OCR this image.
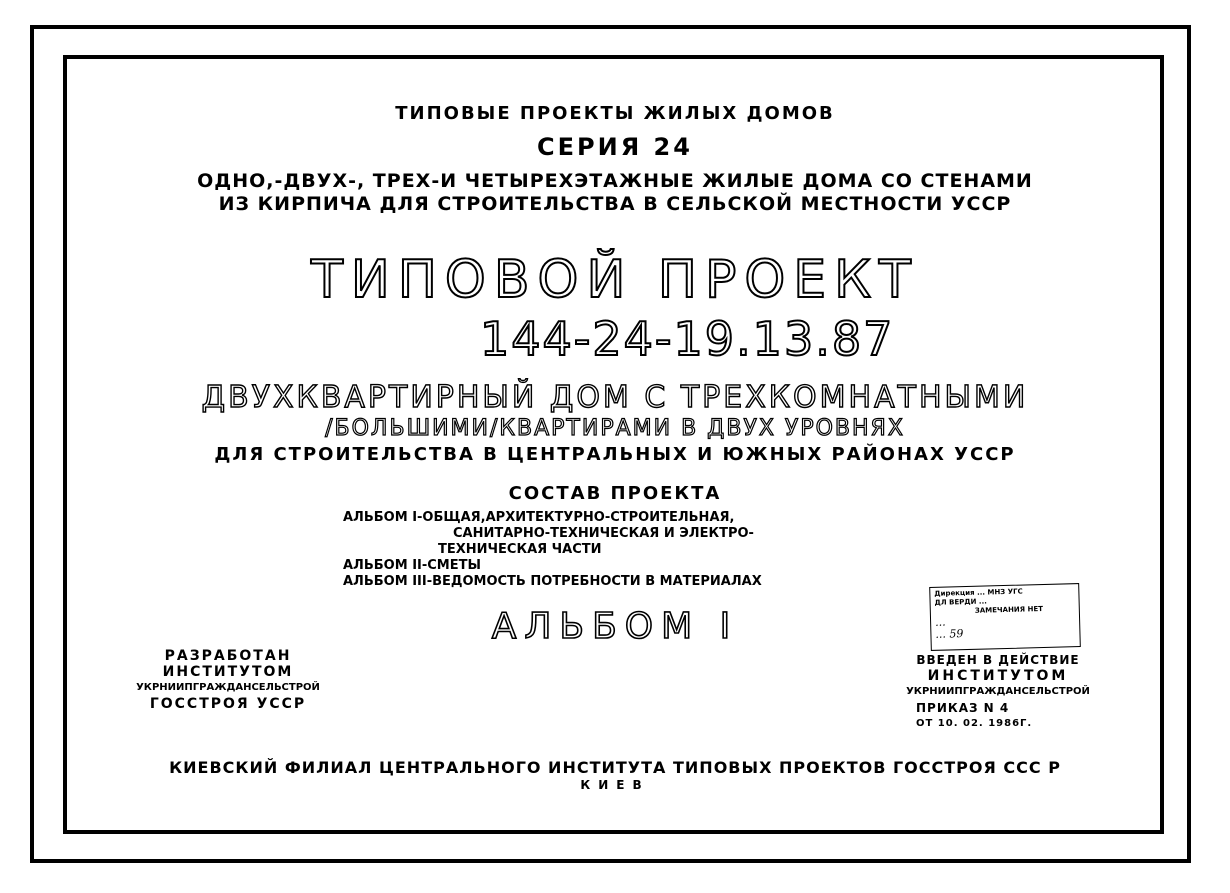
ТИПОВЫЕ ПРОЕКТЫ ЖИЛЫХ ДОМОВ
СЕРИЯ 24
ОДНО,-ДВУХ-, ТРЕХ-И ЧЕТЫРЕХЭТАЖНЫЕ ЖИЛЫЕ ДОМА СО СТЕНАМИ
ИЗ КИРПИЧА ДЛЯ СТРОИТЕЛЬСТВА В СЕЛЬСКОЙ МЕСТНОСТИ УССР
ТИПОВОЙ ПРОЕКТ
144-24-19.13.87
ДВУХКВАРТИРНЫЙ ДОМ С ТРЕХКОМНАТНЫМИ
/БОЛЬШИМИ/КВАРТИРАМИ В ДВУХ УРОВНЯХ
ДЛЯ СТРОИТЕЛЬСТВА В ЦЕНТРАЛЬНЫХ И ЮЖНЫХ РАЙОНАХ УССР
СОСТАВ ПРОЕКТА
АЛЬБОМ I-ОБЩАЯ,АРХИТЕКТУРНО-СТРОИТЕЛЬНАЯ,
САНИТАРНО-ТЕХНИЧЕСКАЯ И ЭЛЕКТРО-
ТЕХНИЧЕСКАЯ ЧАСТИ
АЛЬБОМ II-СМЕТЫ
АЛЬБОМ III-ВЕДОМОСТЬ ПОТРЕБНОСТИ В МАТЕРИАЛАХ
АЛЬБОМ I
Дирекция ... МНЗ УГС
ДЛ ВЕРДИ ...
ЗАМЕЧАНИЯ НЕТ
...
... 59
РАЗРАБОТАН
ИНСТИТУТОМ
УКРНИИПГРАЖДАНСЕЛЬСТРОЙ
ГОССТРОЯ УССР
ВВЕДЕН В ДЕЙСТВИЕ
ИНСТИТУТОМ
УКРНИИПГРАЖДАНСЕЛЬСТРОЙ
ПРИКАЗ N 4
ОТ 10. 02. 1986Г.
КИЕВСКИЙ ФИЛИАЛ ЦЕНТРАЛЬНОГО ИНСТИТУТА ТИПОВЫХ ПРОЕКТОВ ГОССТРОЯ ССС Р
КИЕВ
